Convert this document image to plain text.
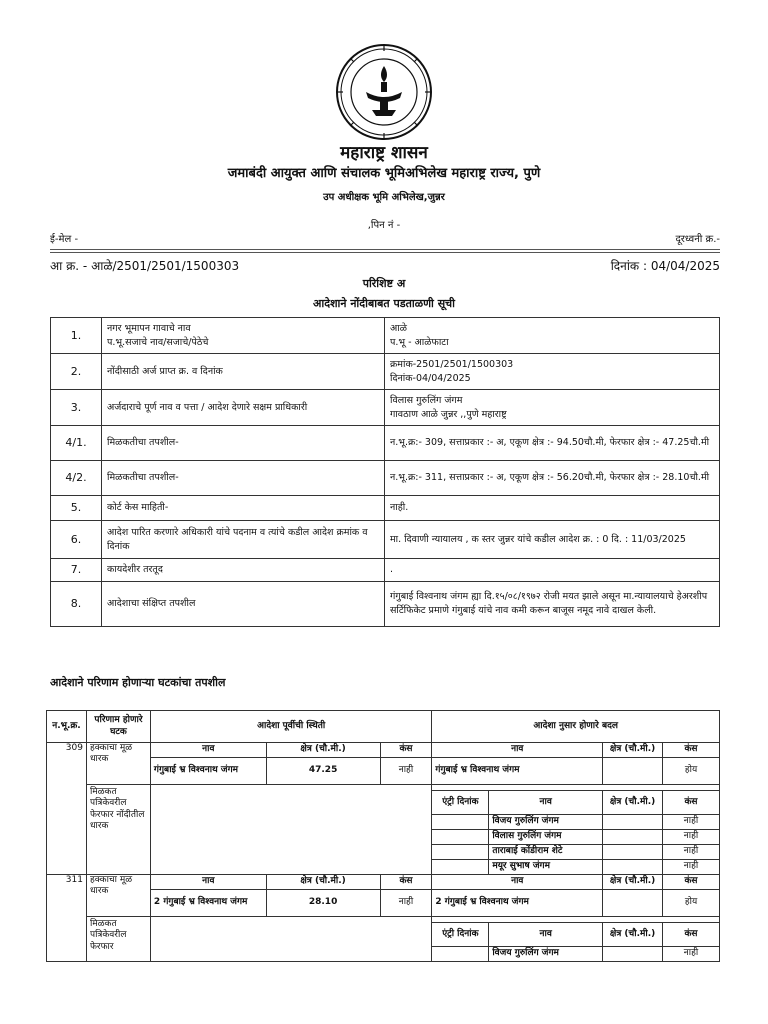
महाराष्ट्र शासन
जमाबंदी आयुक्त आणि संचालक भूमिअभिलेख महाराष्ट्र राज्य, पुणे
उप अधीक्षक भूमि अभिलेख,जुन्नर
,पिन नं -
ई-मेल -	दूरध्वनी क्र.-
आ क्र. - आळे/2501/2501/1500303	दिनांक : 04/04/2025
परिशिष्ट अ
आदेशाने नोंदीबाबत पडताळणी सूची
1.	नगर भूमापन गावाचे नाव
प.भू.सजाचे नाव/सजाचे/पेठेचे	आळे
प.भू - आळेफाटा
2.	नोंदीसाठी अर्ज प्राप्त क्र. व दिनांक	क्रमांक-2501/2501/1500303
दिनांक-04/04/2025
3.	अर्जदाराचे पूर्ण नाव व पत्ता / आदेश देणारे सक्षम प्राधिकारी	विलास गुरुलिंग जंगम
गावठाण आळे जुन्नर ,,पुणे महाराष्ट्र
4/1.	मिळकतीचा तपशील-	न.भू.क्र:- 309, सत्ताप्रकार :- अ, एकूण क्षेत्र :- 94.50चौ.मी, फेरफार क्षेत्र :- 47.25चौ.मी
4/2.	मिळकतीचा तपशील-	न.भू.क्र:- 311, सत्ताप्रकार :- अ, एकूण क्षेत्र :- 56.20चौ.मी, फेरफार क्षेत्र :- 28.10चौ.मी
5.	कोर्ट केस माहिती-	नाही.
6.	आदेश पारित करणारे अधिकारी यांचे पदनाम व त्यांचे कडील आदेश क्रमांक व दिनांक	मा. दिवाणी न्यायालय , क स्तर जुन्नर यांचे कडील आदेश क्र. : 0 दि. : 11/03/2025
7.	कायदेशीर तरतूद	.
8.	आदेशाचा संक्षिप्त तपशील	गंगुबाई विश्वनाथ जंगम ह्या दि.१५/०८/१९७२ रोजी मयत झाले असून मा.न्यायालयाचे हेअरशीप सर्टिफिकेट प्रमाणे गंगुबाई यांचे नाव कमी करून बाजूस नमूद नावे दाखल केली.
आदेशाने परिणाम होणाऱ्या घटकांचा तपशील
न.भू.क्र.	परिणाम होणारे घटक	आदेशा पूर्वीची स्थिती			आदेशा नुसार होणारे बदल			
309	हक्काचा मूळ धारक	नाव	क्षेत्र (चौ.मी.)	कंस	नाव		क्षेत्र (चौ.मी.)	कंस
		गंगुबाई भ्र विश्वनाथ जंगम	47.25	नाही	गंगुबाई भ्र विश्वनाथ जंगम			होय
	मिळकत पत्रिकेवरील फेरफार नोंदीतील धारक							
					एंट्री दिनांक	नाव	क्षेत्र (चौ.मी.)	कंस
						विजय गुरुलिंग जंगम		नाही
						विलास गुरुलिंग जंगम		नाही
						ताराबाई कोंडीराम शेटे		नाही
						मयूर सुभाष जंगम		नाही
311	हक्काचा मूळ धारक	नाव	क्षेत्र (चौ.मी.)	कंस	नाव		क्षेत्र (चौ.मी.)	कंस
		2 गंगुबाई भ्र विश्वनाथ जंगम	28.10	नाही	2 गंगुबाई भ्र विश्वनाथ जंगम			होय
	मिळकत पत्रिकेवरील फेरफार							
					एंट्री दिनांक	नाव	क्षेत्र (चौ.मी.)	कंस
						विजय गुरुलिंग जंगम		नाही
